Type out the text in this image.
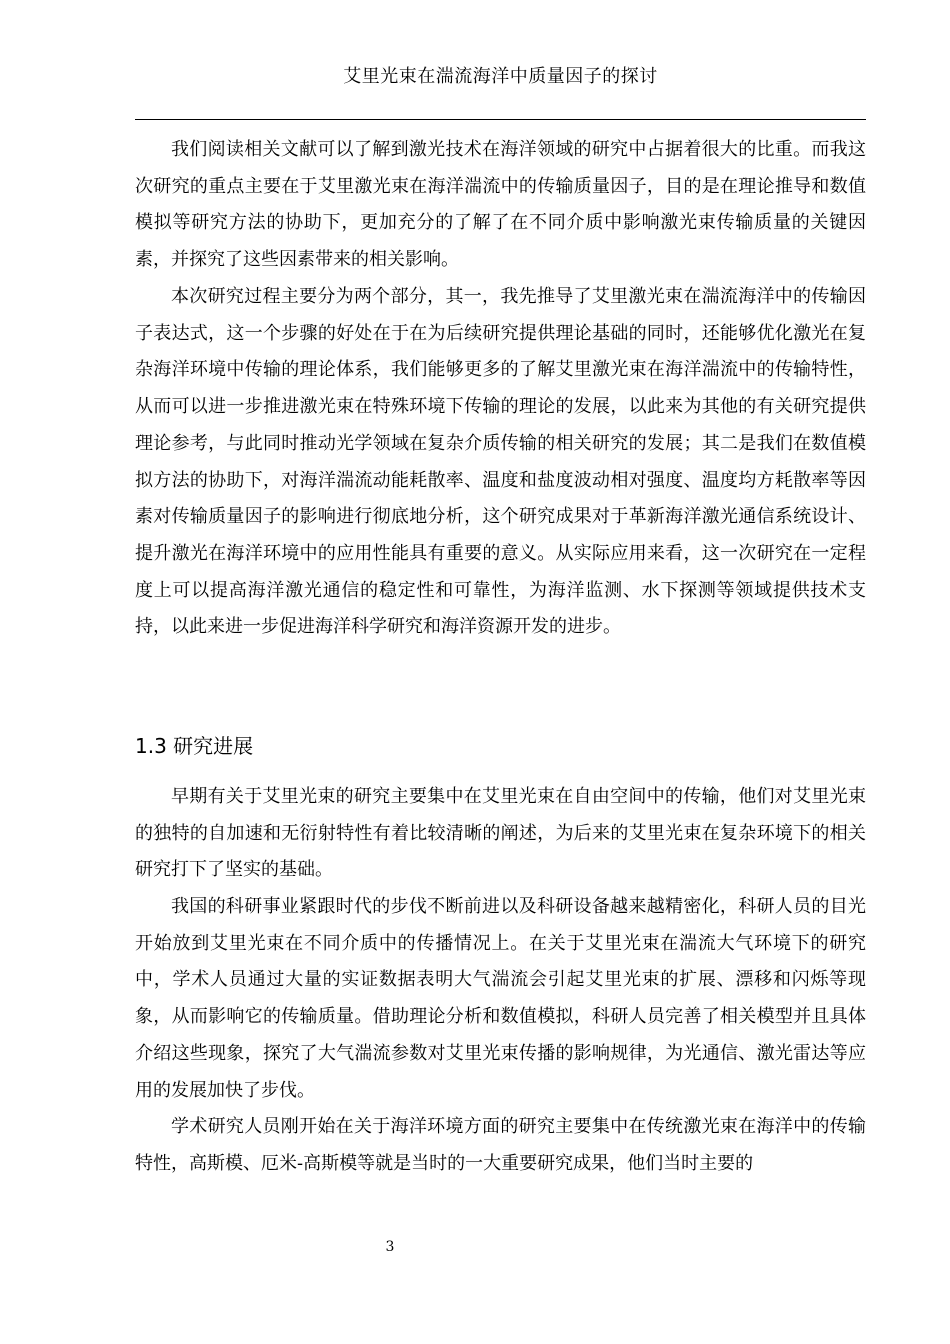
艾里光束在湍流海洋中质量因子的探讨

我们阅读相关文献可以了解到激光技术在海洋领域的研究中占据着很大的比重。而我这次研究的重点主要在于艾里激光束在海洋湍流中的传输质量因子，目的是在理论推导和数值模拟等研究方法的协助下，更加充分的了解了在不同介质中影响激光束传输质量的关键因素，并探究了这些因素带来的相关影响。

本次研究过程主要分为两个部分，其一，我先推导了艾里激光束在湍流海洋中的传输因子表达式，这一个步骤的好处在于在为后续研究提供理论基础的同时，还能够优化激光在复杂海洋环境中传输的理论体系，我们能够更多的了解艾里激光束在海洋湍流中的传输特性，从而可以进一步推进激光束在特殊环境下传输的理论的发展，以此来为其他的有关研究提供理论参考，与此同时推动光学领域在复杂介质传输的相关研究的发展；其二是我们在数值模拟方法的协助下，对海洋湍流动能耗散率、温度和盐度波动相对强度、温度均方耗散率等因素对传输质量因子的影响进行彻底地分析，这个研究成果对于革新海洋激光通信系统设计、提升激光在海洋环境中的应用性能具有重要的意义。从实际应用来看，这一次研究在一定程度上可以提高海洋激光通信的稳定性和可靠性，为海洋监测、水下探测等领域提供技术支持，以此来进一步促进海洋科学研究和海洋资源开发的进步。

1.3 研究进展

早期有关于艾里光束的研究主要集中在艾里光束在自由空间中的传输，他们对艾里光束的独特的自加速和无衍射特性有着比较清晰的阐述，为后来的艾里光束在复杂环境下的相关研究打下了坚实的基础。

我国的科研事业紧跟时代的步伐不断前进以及科研设备越来越精密化，科研人员的目光开始放到艾里光束在不同介质中的传播情况上。在关于艾里光束在湍流大气环境下的研究中，学术人员通过大量的实证数据表明大气湍流会引起艾里光束的扩展、漂移和闪烁等现象，从而影响它的传输质量。借助理论分析和数值模拟，科研人员完善了相关模型并且具体介绍这些现象，探究了大气湍流参数对艾里光束传播的影响规律，为光通信、激光雷达等应用的发展加快了步伐。

学术研究人员刚开始在关于海洋环境方面的研究主要集中在传统激光束在海洋中的传输特性，高斯模、厄米-高斯模等就是当时的一大重要研究成果，他们当时主要的

3
